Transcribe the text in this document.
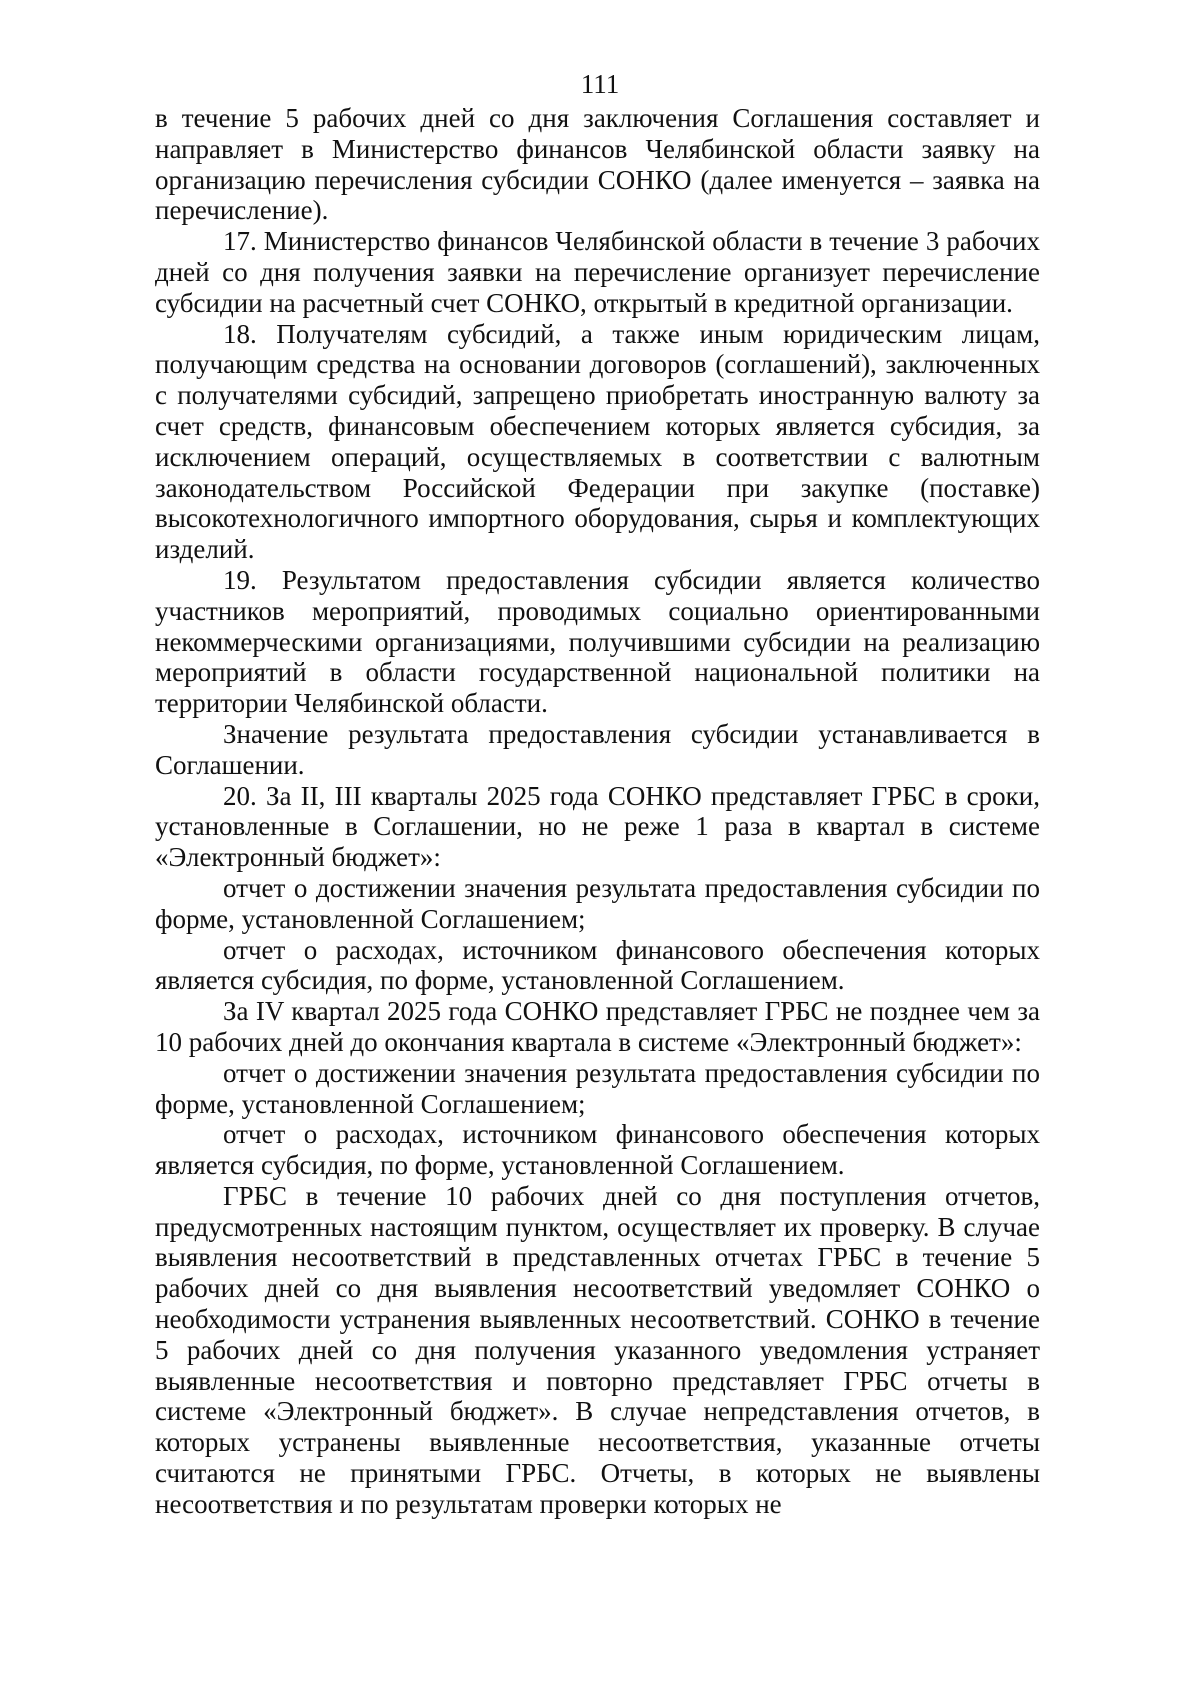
111

в течение 5 рабочих дней со дня заключения Соглашения составляет и направляет в Министерство финансов Челябинской области заявку на организацию перечисления субсидии СОНКО (далее именуется – заявка на перечисление).

17. Министерство финансов Челябинской области в течение 3 рабочих дней со дня получения заявки на перечисление организует перечисление субсидии на расчетный счет СОНКО, открытый в кредитной организации.

18. Получателям субсидий, а также иным юридическим лицам, получающим средства на основании договоров (соглашений), заключенных с получателями субсидий, запрещено приобретать иностранную валюту за счет средств, финансовым обеспечением которых является субсидия, за исключением операций, осуществляемых в соответствии с валютным законодательством Российской Федерации при закупке (поставке) высокотехнологичного импортного оборудования, сырья и комплектующих изделий.

19. Результатом предоставления субсидии является количество участников мероприятий, проводимых социально ориентированными некоммерческими организациями, получившими субсидии на реализацию мероприятий в области государственной национальной политики на территории Челябинской области.

Значение результата предоставления субсидии устанавливается в Соглашении.

20. За II, III кварталы 2025 года СОНКО представляет ГРБС в сроки, установленные в Соглашении, но не реже 1 раза в квартал в системе «Электронный бюджет»:

отчет о достижении значения результата предоставления субсидии по форме, установленной Соглашением;

отчет о расходах, источником финансового обеспечения которых является субсидия, по форме, установленной Соглашением.

За IV квартал 2025 года СОНКО представляет ГРБС не позднее чем за 10 рабочих дней до окончания квартала в системе «Электронный бюджет»:

отчет о достижении значения результата предоставления субсидии по форме, установленной Соглашением;

отчет о расходах, источником финансового обеспечения которых является субсидия, по форме, установленной Соглашением.

ГРБС в течение 10 рабочих дней со дня поступления отчетов, предусмотренных настоящим пунктом, осуществляет их проверку. В случае выявления несоответствий в представленных отчетах ГРБС в течение 5 рабочих дней со дня выявления несоответствий уведомляет СОНКО о необходимости устранения выявленных несоответствий. СОНКО в течение 5 рабочих дней со дня получения указанного уведомления устраняет выявленные несоответствия и повторно представляет ГРБС отчеты в системе «Электронный бюджет». В случае непредставления отчетов, в которых устранены выявленные несоответствия, указанные отчеты считаются не принятыми ГРБС. Отчеты, в которых не выявлены несоответствия и по результатам проверки которых не
